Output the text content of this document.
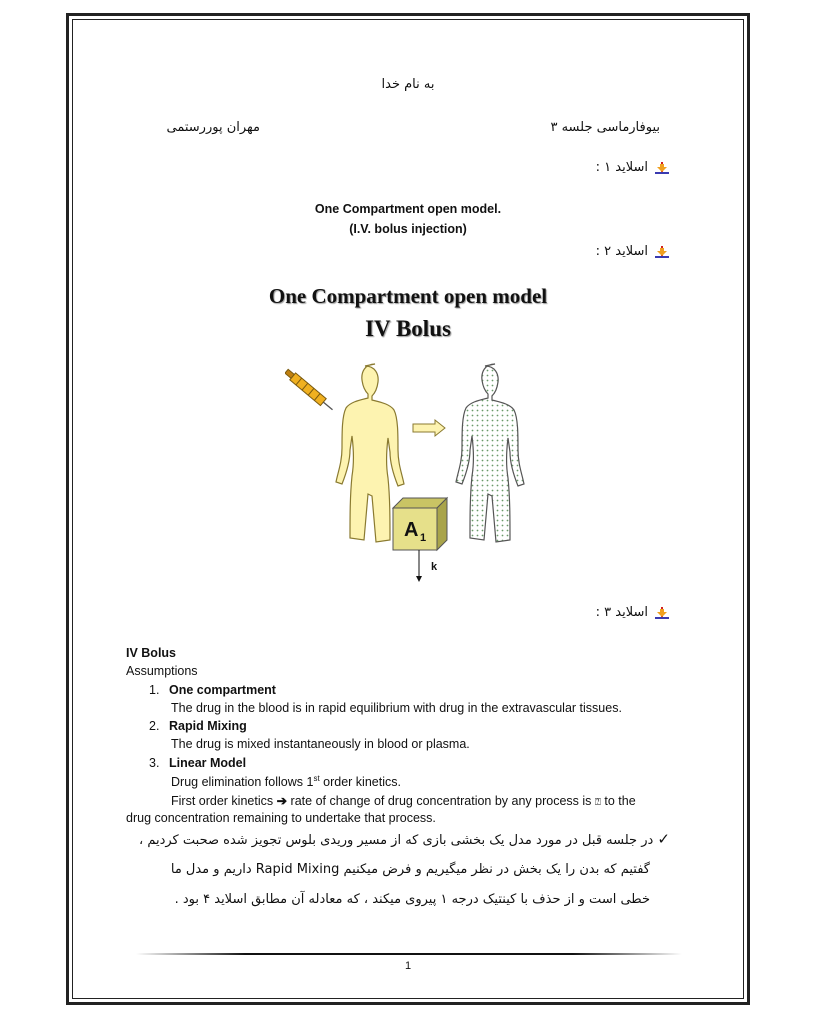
به نام خدا
بیوفارماسی جلسه ۳
مهران پوررستمی
اسلاید ۱ :
One Compartment open model.
(I.V. bolus injection)
اسلاید ۲ :
One Compartment open model
IV Bolus
A 1
k
اسلاید ۳ :
IV Bolus
Assumptions
1. One compartment
The drug in the blood is in rapid equilibrium with drug in the extravascular tissues.
2. Rapid Mixing
The drug is mixed instantaneously in blood or plasma.
3. Linear Model
Drug elimination follows 1st order kinetics.
First order kinetics ➔ rate of change of drug concentration by any process is ⍰ to the
drug concentration remaining to undertake that process.
✓ در جلسه قبل در مورد مدل یک بخشی بازی که از مسیر وریدی بلوس تجویز شده صحبت کردیم ،
گفتیم که بدن را یک بخش در نظر میگیریم و فرض میکنیم Rapid Mixing داریم و مدل ما
خطی است و از حذف با کینتیک درجه ۱ پیروی میکند ، که معادله آن مطابق اسلاید ۴ بود .
1
